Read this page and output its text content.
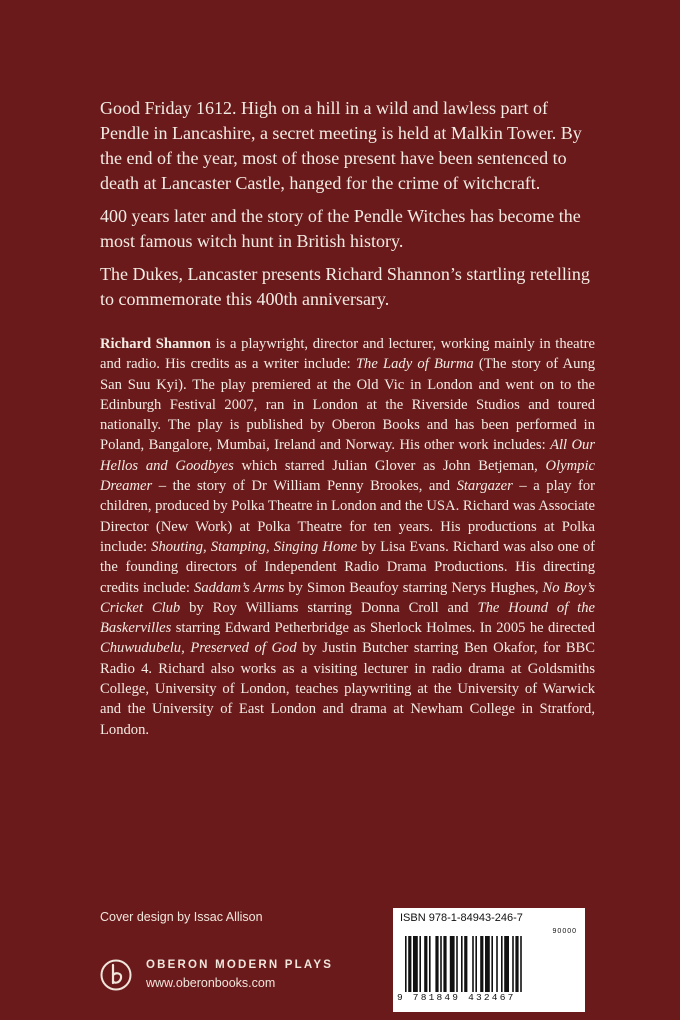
Good Friday 1612. High on a hill in a wild and lawless part of Pendle in Lancashire, a secret meeting is held at Malkin Tower. By the end of the year, most of those present have been sentenced to death at Lancaster Castle, hanged for the crime of witchcraft.

400 years later and the story of the Pendle Witches has become the most famous witch hunt in British history.

The Dukes, Lancaster presents Richard Shannon’s startling retelling to commemorate this 400th anniversary.

Richard Shannon is a playwright, director and lecturer, working mainly in theatre and radio. His credits as a writer include: The Lady of Burma (The story of Aung San Suu Kyi). The play premiered at the Old Vic in London and went on to the Edinburgh Festival 2007, ran in London at the Riverside Studios and toured nationally. The play is published by Oberon Books and has been performed in Poland, Bangalore, Mumbai, Ireland and Norway. His other work includes: All Our Hellos and Goodbyes which starred Julian Glover as John Betjeman, Olympic Dreamer – the story of Dr William Penny Brookes, and Stargazer – a play for children, produced by Polka Theatre in London and the USA. Richard was Associate Director (New Work) at Polka Theatre for ten years. His productions at Polka include: Shouting, Stamping, Singing Home by Lisa Evans. Richard was also one of the founding directors of Independent Radio Drama Productions. His directing credits include: Saddam’s Arms by Simon Beaufoy starring Nerys Hughes, No Boy’s Cricket Club by Roy Williams starring Donna Croll and The Hound of the Baskervilles starring Edward Petherbridge as Sherlock Holmes. In 2005 he directed Chuwudubelu, Preserved of God by Justin Butcher starring Ben Okafor, for BBC Radio 4. Richard also works as a visiting lecturer in radio drama at Goldsmiths College, University of London, teaches playwriting at the University of Warwick and the University of East London and drama at Newham College in Stratford, London.
Cover design by Issac Allison
OBERON MODERN PLAYS
www.oberonbooks.com
ISBN 978-1-84943-246-7
90000
9 781849 432467
